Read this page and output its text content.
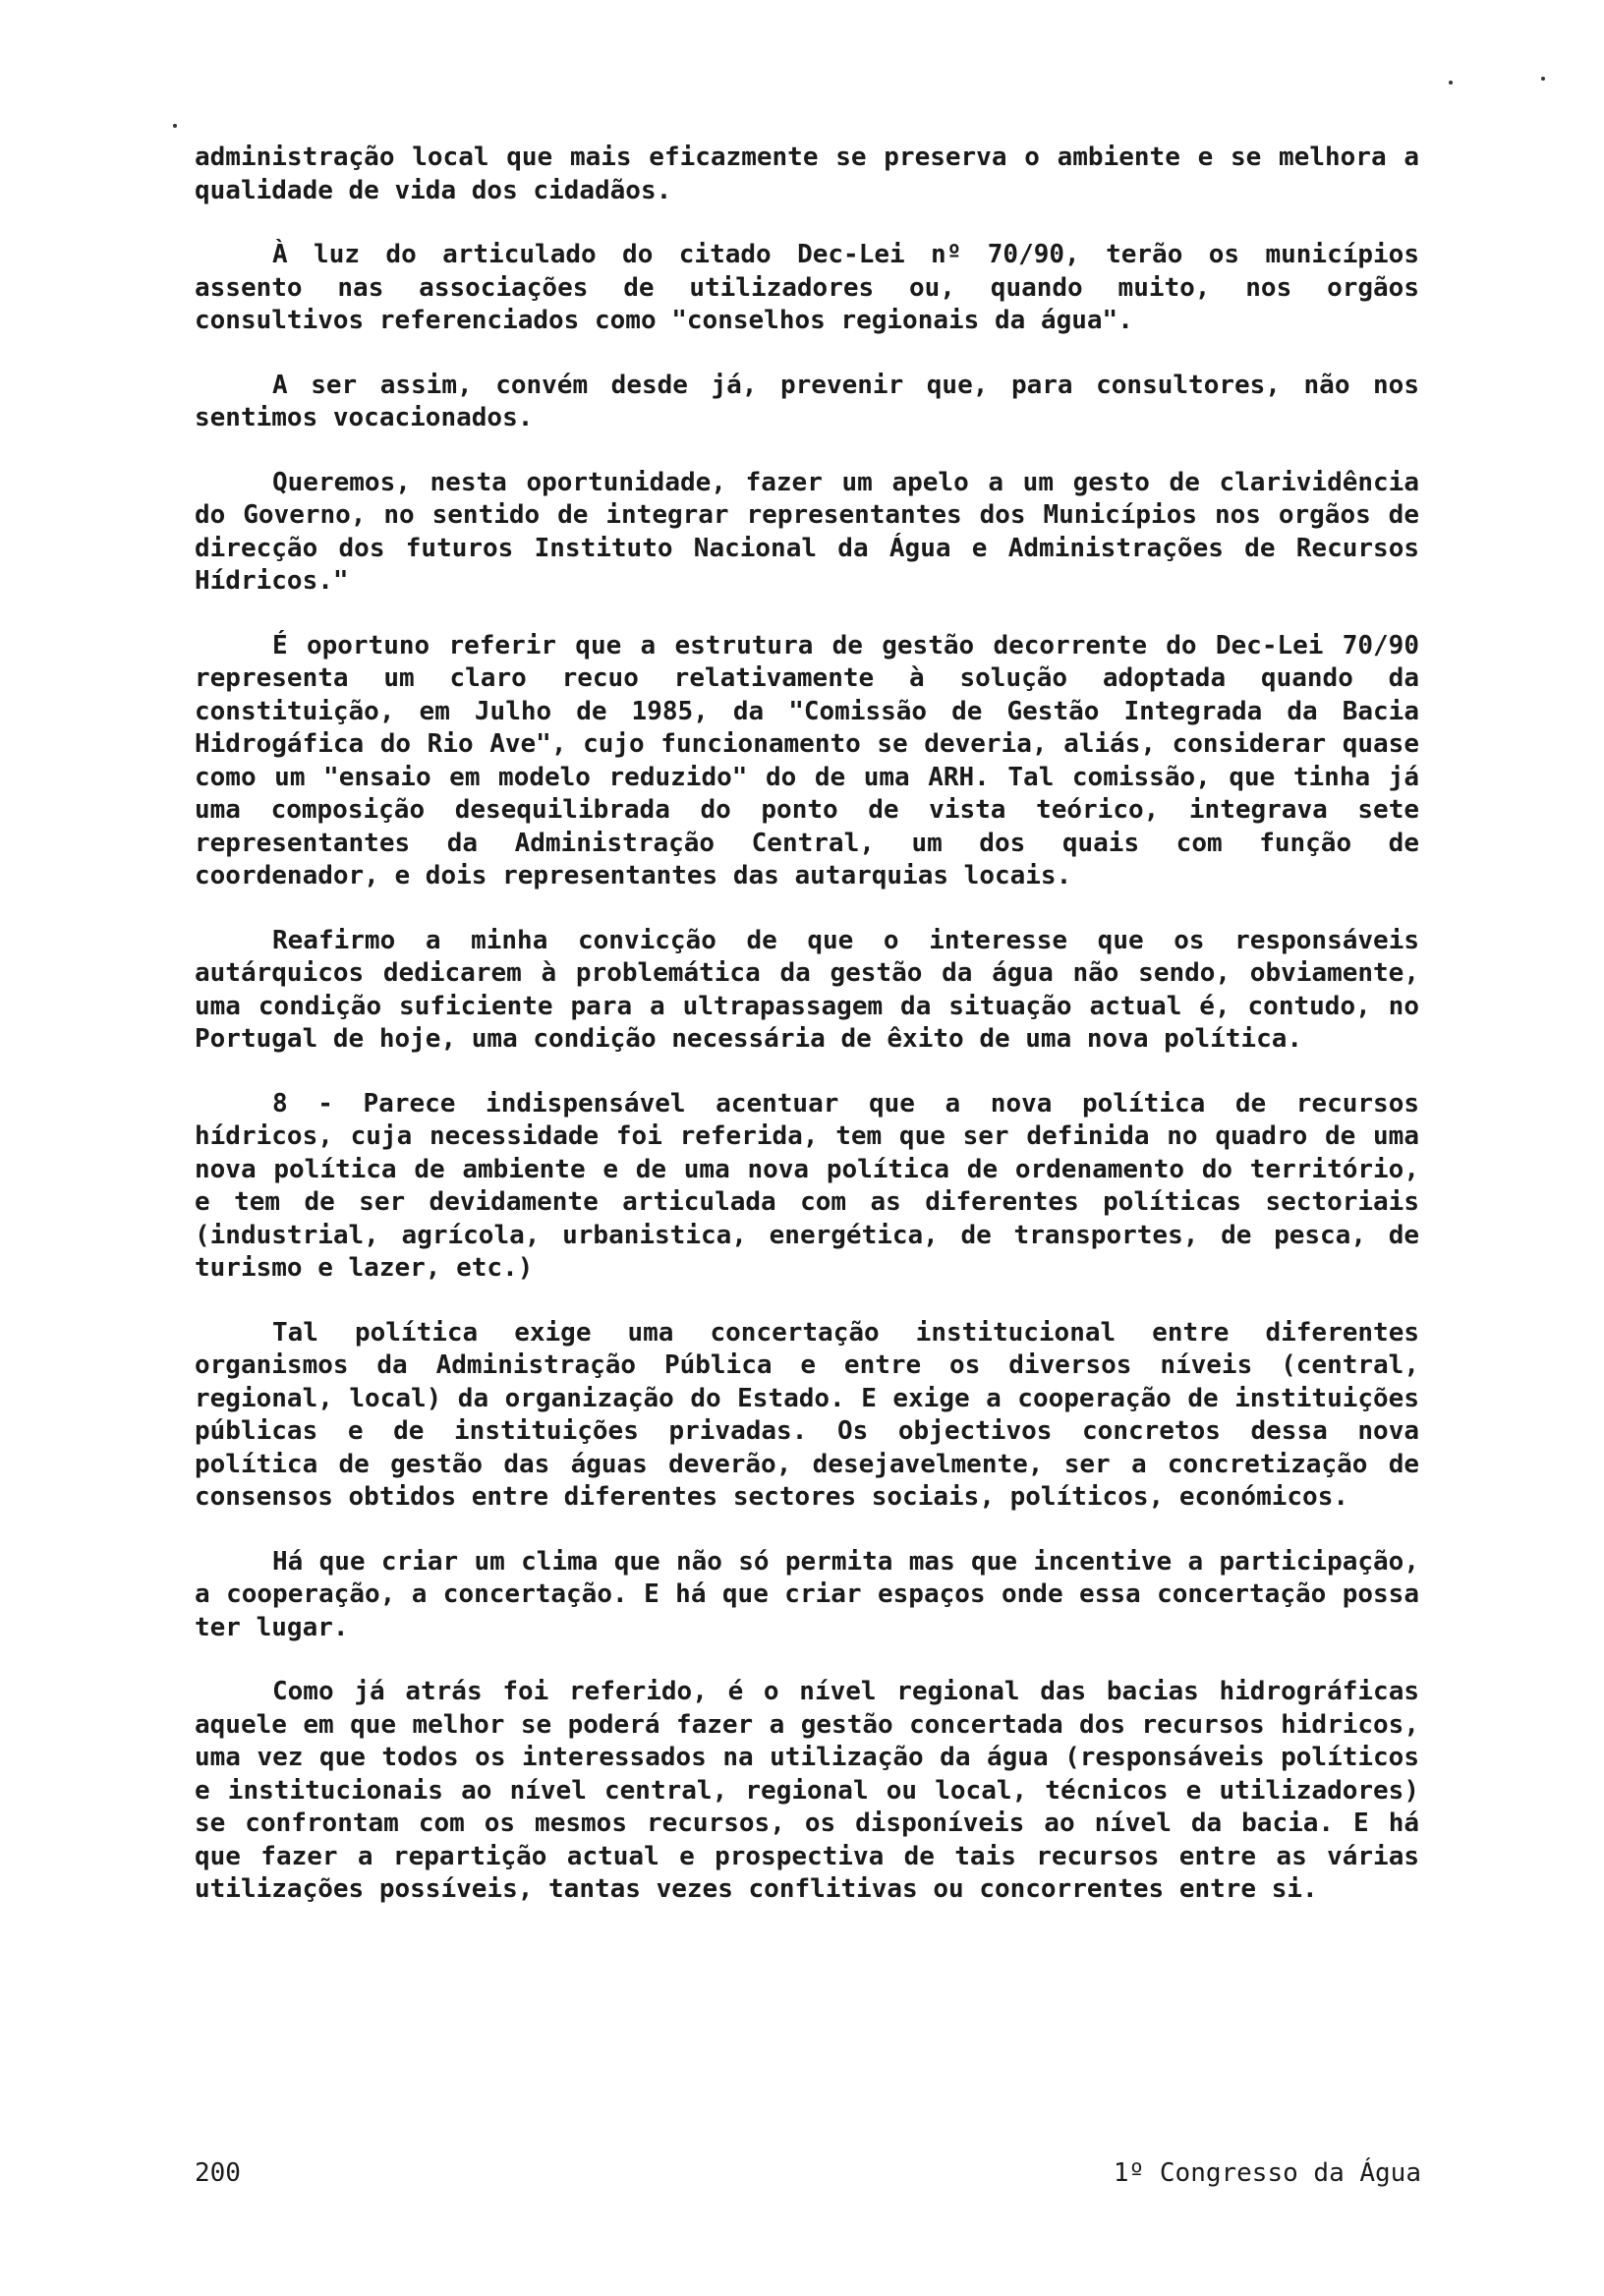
administração local que mais eficazmente se preserva o ambiente e se melhora a qualidade de vida dos cidadãos.

À luz do articulado do citado Dec-Lei nº 70/90, terão os municípios assento nas associações de utilizadores ou, quando muito, nos orgãos consultivos referenciados como "conselhos regionais da água".

A ser assim, convém desde já, prevenir que, para consultores, não nos sentimos vocacionados.

Queremos, nesta oportunidade, fazer um apelo a um gesto de clarividência do Governo, no sentido de integrar representantes dos Municípios nos orgãos de direcção dos futuros Instituto Nacional da Água e Administrações de Recursos Hídricos."

É oportuno referir que a estrutura de gestão decorrente do Dec-Lei 70/90 representa um claro recuo relativamente à solução adoptada quando da constituição, em Julho de 1985, da "Comissão de Gestão Integrada da Bacia Hidrogáfica do Rio Ave", cujo funcionamento se deveria, aliás, considerar quase como um "ensaio em modelo reduzido" do de uma ARH. Tal comissão, que tinha já uma composição desequilibrada do ponto de vista teórico, integrava sete representantes da Administração Central, um dos quais com função de coordenador, e dois representantes das autarquias locais.

Reafirmo a minha convicção de que o interesse que os responsáveis autárquicos dedicarem à problemática da gestão da água não sendo, obviamente, uma condição suficiente para a ultrapassagem da situação actual é, contudo, no Portugal de hoje, uma condição necessária de êxito de uma nova política.

8 - Parece indispensável acentuar que a nova política de recursos hídricos, cuja necessidade foi referida, tem que ser definida no quadro de uma nova política de ambiente e de uma nova política de ordenamento do território, e tem de ser devidamente articulada com as diferentes políticas sectoriais (industrial, agrícola, urbanistica, energética, de transportes, de pesca, de turismo e lazer, etc.)

Tal política exige uma concertação institucional entre diferentes organismos da Administração Pública e entre os diversos níveis (central, regional, local) da organização do Estado. E exige a cooperação de instituições públicas e de instituições privadas. Os objectivos concretos dessa nova política de gestão das águas deverão, desejavelmente, ser a concretização de consensos obtidos entre diferentes sectores sociais, políticos, económicos.

Há que criar um clima que não só permita mas que incentive a participação, a cooperação, a concertação. E há que criar espaços onde essa concertação possa ter lugar.

Como já atrás foi referido, é o nível regional das bacias hidrográficas aquele em que melhor se poderá fazer a gestão concertada dos recursos hidricos, uma vez que todos os interessados na utilização da água (responsáveis políticos e institucionais ao nível central, regional ou local, técnicos e utilizadores) se confrontam com os mesmos recursos, os disponíveis ao nível da bacia. E há que fazer a repartição actual e prospectiva de tais recursos entre as várias utilizações possíveis, tantas vezes conflitivas ou concorrentes entre si.

200	1º Congresso da Água
